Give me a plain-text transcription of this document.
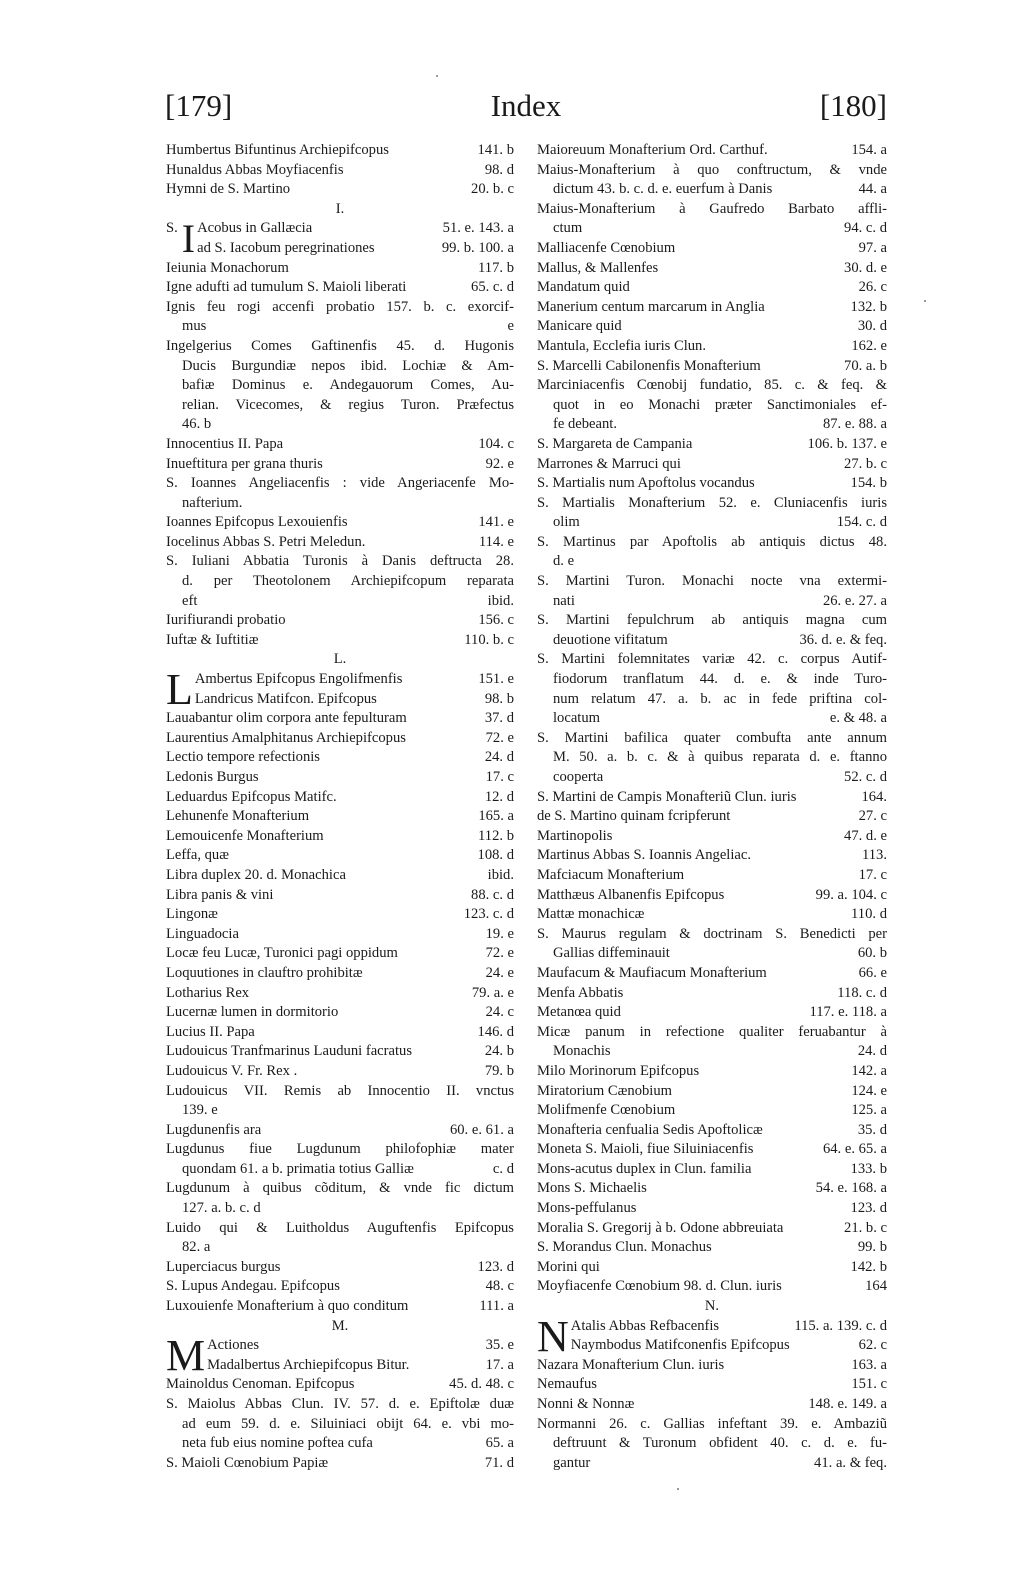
[179]	Index	[180]
Humbertus Bifuntinus Archiepifcopus	141. b
Hunaldus Abbas Moyfiacenfis	98. d
Hymni de S. Martino	20. b. c
I.
S. I Acobus in Gallæcia	51. e. 143. a
ad S. Iacobum peregrinationes	99. b. 100. a
Ieiunia Monachorum	117. b
Igne adufti ad tumulum S. Maioli liberati	65. c. d
Ignis feu rogi accenfi probatio 157. b. c. exorcif-
mus	e
Ingelgerius Comes Gaftinenfis 45. d. Hugonis
Ducis Burgundiæ nepos ibid. Lochiæ & Am-
bafiæ Dominus e. Andegauorum Comes, Au-
relian. Vicecomes, & regius Turon. Præfectus
46. b
Innocentius II. Papa	104. c
Inueftitura per grana thuris	92. e
S. Ioannes Angeliacenfis : vide Angeriacenfe Mo-
nafterium.
Ioannes Epifcopus Lexouienfis	141. e
Iocelinus Abbas S. Petri Meledun.	114. e
S. Iuliani Abbatia Turonis à Danis deftructa 28.
d. per Theotolonem Archiepifcopum reparata
eft	ibid.
Iurifiurandi probatio	156. c
Iuftæ & Iuftitiæ	110. b. c
L.
L Ambertus Epifcopus Engolifmenfis	151. e
Landricus Matifcon. Epifcopus	98. b
Lauabantur olim corpora ante fepulturam	37. d
Laurentius Amalphitanus Archiepifcopus	72. e
Lectio tempore refectionis	24. d
Ledonis Burgus	17. c
Leduardus Epifcopus Matifc.	12. d
Lehunenfe Monafterium	165. a
Lemouicenfe Monafterium	112. b
Leffa, quæ	108. d
Libra duplex 20. d. Monachica	ibid.
Libra panis & vini	88. c. d
Lingonæ	123. c. d
Linguadocia	19. e
Locæ feu Lucæ, Turonici pagi oppidum	72. e
Loquutiones in clauftro prohibitæ	24. e
Lotharius Rex	79. a. e
Lucernæ lumen in dormitorio	24. c
Lucius II. Papa	146. d
Ludouicus Tranfmarinus Lauduni facratus	24. b
Ludouicus V. Fr. Rex .	79. b
Ludouicus VII. Remis ab Innocentio II. vnctus
139. e
Lugdunenfis ara	60. e. 61. a
Lugdunus fiue Lugdunum philofophiæ mater
quondam 61. a b. primatia totius Galliæ	c. d
Lugdunum à quibus cõditum, & vnde fic dictum
127. a. b. c. d
Luido qui & Luitholdus Auguftenfis Epifcopus
82. a
Luperciacus burgus	123. d
S. Lupus Andegau. Epifcopus	48. c
Luxouienfe Monafterium à quo conditum	111. a
M.
M Actiones	35. e
Madalbertus Archiepifcopus Bitur.	17. a
Mainoldus Cenoman. Epifcopus	45. d. 48. c
S. Maiolus Abbas Clun. IV. 57. d. e. Epiftolæ duæ
ad eum 59. d. e. Siluiniaci obijt 64. e. vbi mo-
neta fub eius nomine poftea cufa	65. a
S. Maioli Cœnobium Papiæ	71. d
Maioreuum Monafterium Ord. Carthuf.	154. a
Maius-Monafterium à quo conftructum, & vnde
dictum 43. b. c. d. e. euerfum à Danis	44. a
Maius-Monafterium à Gaufredo Barbato affli-
ctum	94. c. d
Malliacenfe Cœnobium	97. a
Mallus, & Mallenfes	30. d. e
Mandatum quid	26. c
Manerium centum marcarum in Anglia	132. b
Manicare quid	30. d
Mantula, Ecclefia iuris Clun.	162. e
S. Marcelli Cabilonenfis Monafterium	70. a. b
Marciniacenfis Cœnobij fundatio, 85. c. & feq. &
quot in eo Monachi præter Sanctimoniales ef-
fe debeant.	87. e. 88. a
S. Margareta de Campania	106. b. 137. e
Marrones & Marruci qui	27. b. c
S. Martialis num Apoftolus vocandus	154. b
S. Martialis Monafterium 52. e. Cluniacenfis iuris
olim	154. c. d
S. Martinus par Apoftolis ab antiquis dictus 48.
d. e
S. Martini Turon. Monachi nocte vna extermi-
nati	26. e. 27. a
S. Martini fepulchrum ab antiquis magna cum
deuotione vifitatum	36. d. e. & feq.
S. Martini folemnitates variæ 42. c. corpus Autif-
fiodorum tranflatum 44. d. e. & inde Turo-
num relatum 47. a. b. ac in fede priftina col-
locatum	e. & 48. a
S. Martini bafilica quater combufta ante annum
M. 50. a. b. c. & à quibus reparata d. e. ftanno
cooperta	52. c. d
S. Martini de Campis Monafteriũ Clun. iuris	164.
de S. Martino quinam fcripferunt	27. c
Martinopolis	47. d. e
Martinus Abbas S. Ioannis Angeliac.	113.
Mafciacum Monafterium	17. c
Matthæus Albanenfis Epifcopus	99. a. 104. c
Mattæ monachicæ	110. d
S. Maurus regulam & doctrinam S. Benedicti per
Gallias diffeminauit	60. b
Maufacum & Maufiacum Monafterium	66. e
Menfa Abbatis	118. c. d
Metanœa quid	117. e. 118. a
Micæ panum in refectione qualiter feruabantur à
Monachis	24. d
Milo Morinorum Epifcopus	142. a
Miratorium Cænobium	124. e
Molifmenfe Cœnobium	125. a
Monafteria cenfualia Sedis Apoftolicæ	35. d
Moneta S. Maioli, fiue Siluiniacenfis	64. e. 65. a
Mons-acutus duplex in Clun. familia	133. b
Mons S. Michaelis	54. e. 168. a
Mons-peffulanus	123. d
Moralia S. Gregorij à b. Odone abbreuiata	21. b. c
S. Morandus Clun. Monachus	99. b
Morini qui	142. b
Moyfiacenfe Cœnobium 98. d. Clun. iuris	164
N.
N Atalis Abbas Refbacenfis	115. a. 139. c. d
Naymbodus Matifconenfis Epifcopus	62. c
Nazara Monafterium Clun. iuris	163. a
Nemaufus	151. c
Nonni & Nonnæ	148. e. 149. a
Normanni 26. c. Gallias infeftant 39. e. Ambaziũ
deftruunt & Turonum obfident 40. c. d. e. fu-
gantur	41. a. & feq.
